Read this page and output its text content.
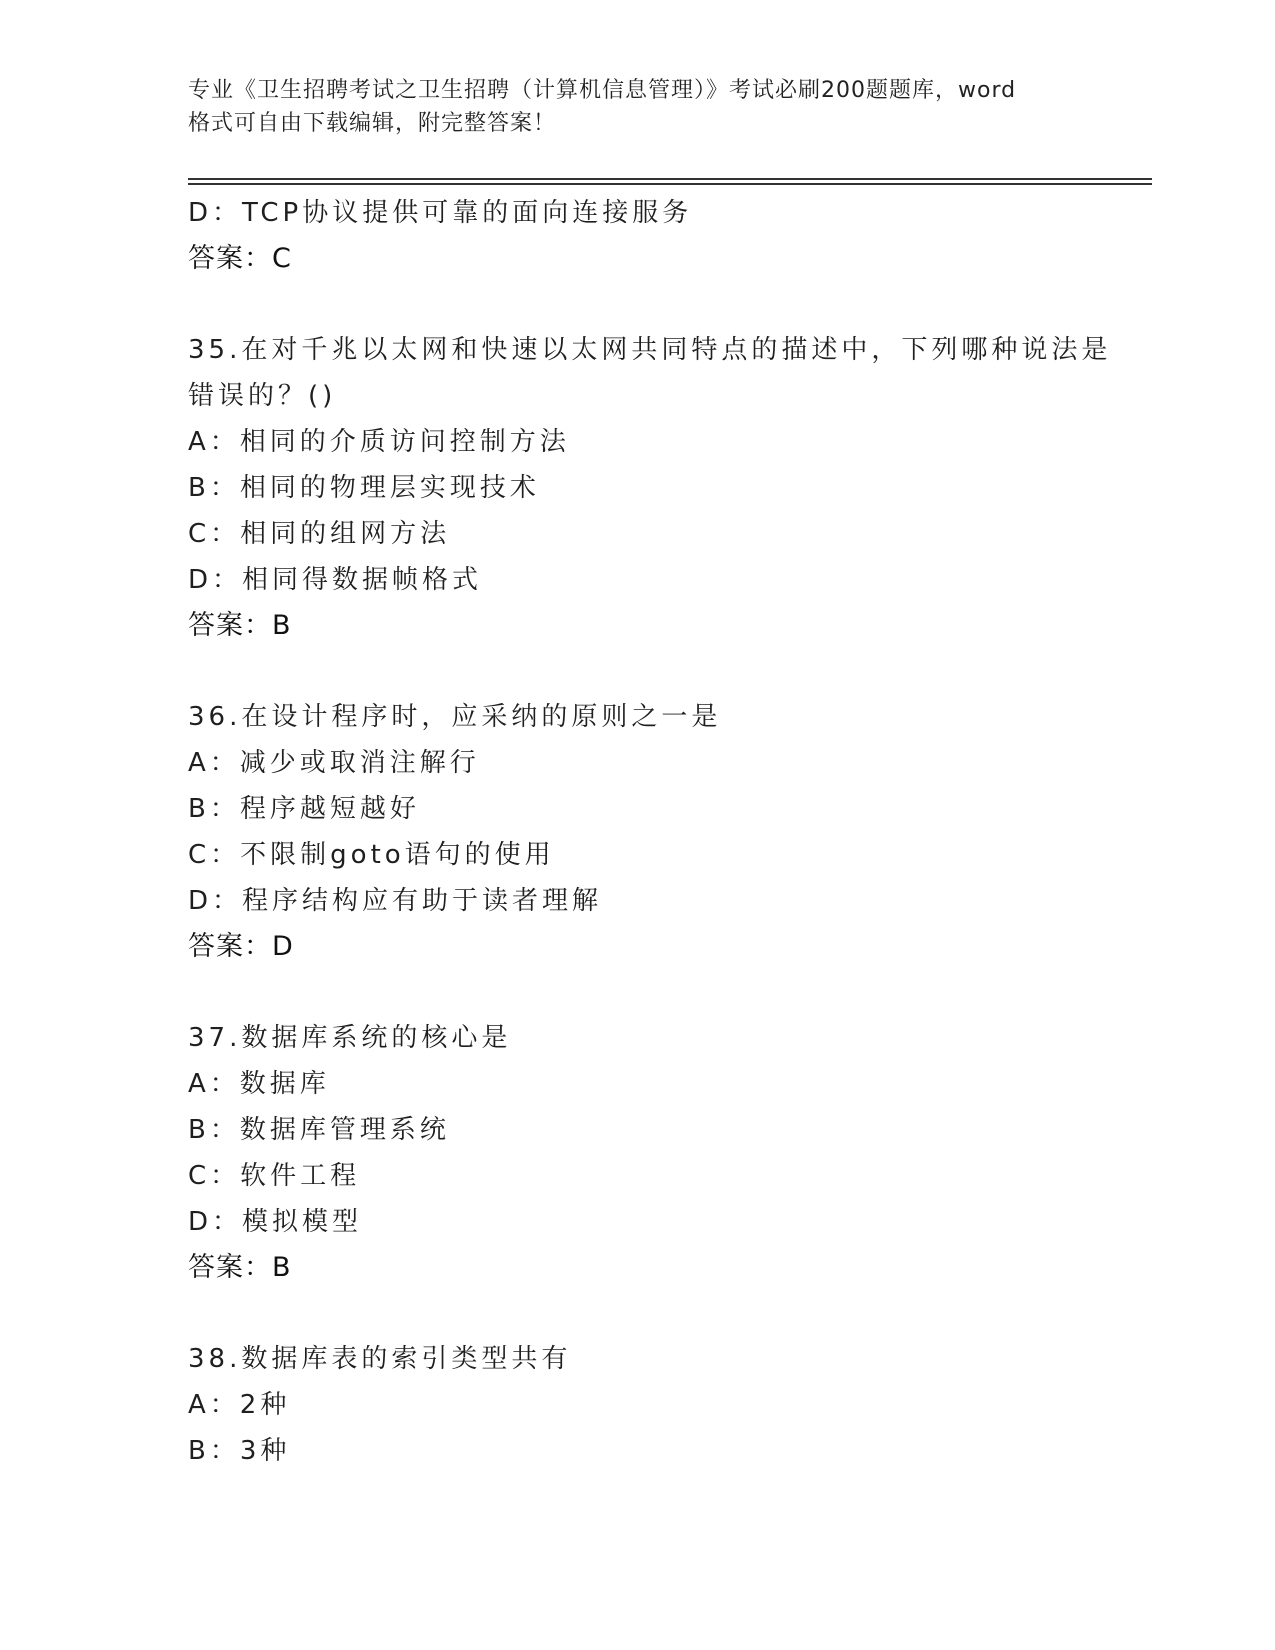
专业《卫生招聘考试之卫生招聘（计算机信息管理）》考试必刷200题题库，word
格式可自由下载编辑，附完整答案！
D：TCP协议提供可靠的面向连接服务
答案：C
35.在对千兆以太网和快速以太网共同特点的描述中，下列哪种说法是
错误的？()
A：相同的介质访问控制方法
B：相同的物理层实现技术
C：相同的组网方法
D：相同得数据帧格式
答案：B
36.在设计程序时，应采纳的原则之一是
A：减少或取消注解行
B：程序越短越好
C：不限制goto语句的使用
D：程序结构应有助于读者理解
答案：D
37.数据库系统的核心是
A：数据库
B：数据库管理系统
C：软件工程
D：模拟模型
答案：B
38.数据库表的索引类型共有
A：2种
B：3种
